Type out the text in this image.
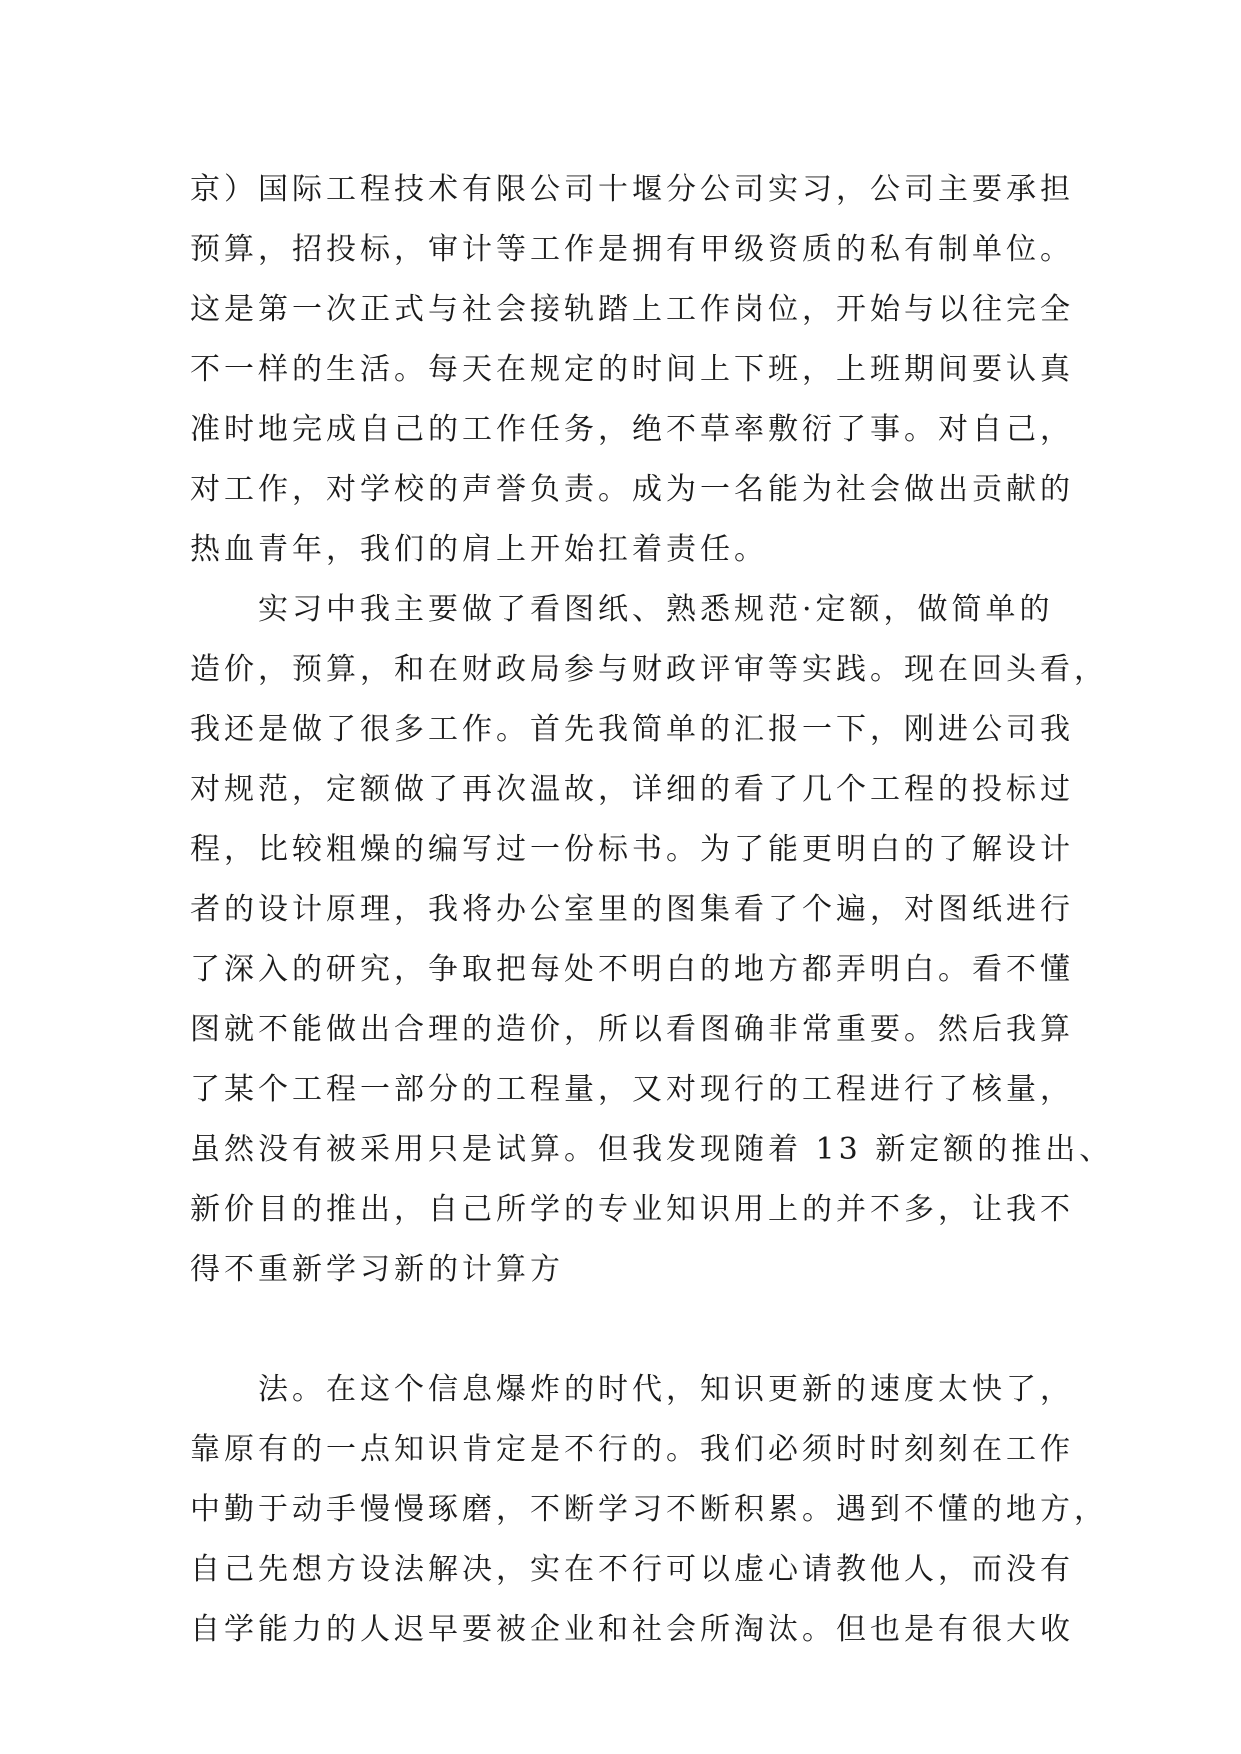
京）国际工程技术有限公司十堰分公司实习，公司主要承担
预算，招投标，审计等工作是拥有甲级资质的私有制单位。
这是第一次正式与社会接轨踏上工作岗位，开始与以往完全
不一样的生活。每天在规定的时间上下班，上班期间要认真
准时地完成自己的工作任务，绝不草率敷衍了事。对自己，
对工作，对学校的声誉负责。成为一名能为社会做出贡献的
热血青年，我们的肩上开始扛着责任。
实习中我主要做了看图纸、熟悉规范·定额，做简单的
造价，预算，和在财政局参与财政评审等实践。现在回头看，
我还是做了很多工作。首先我简单的汇报一下，刚进公司我
对规范，定额做了再次温故，详细的看了几个工程的投标过
程，比较粗燥的编写过一份标书。为了能更明白的了解设计
者的设计原理，我将办公室里的图集看了个遍，对图纸进行
了深入的研究，争取把每处不明白的地方都弄明白。看不懂
图就不能做出合理的造价，所以看图确非常重要。然后我算
了某个工程一部分的工程量，又对现行的工程进行了核量，
虽然没有被采用只是试算。但我发现随着 13 新定额的推出、
新价目的推出，自己所学的专业知识用上的并不多，让我不
得不重新学习新的计算方
法。在这个信息爆炸的时代，知识更新的速度太快了，
靠原有的一点知识肯定是不行的。我们必须时时刻刻在工作
中勤于动手慢慢琢磨，不断学习不断积累。遇到不懂的地方，
自己先想方设法解决，实在不行可以虚心请教他人，而没有
自学能力的人迟早要被企业和社会所淘汰。但也是有很大收
